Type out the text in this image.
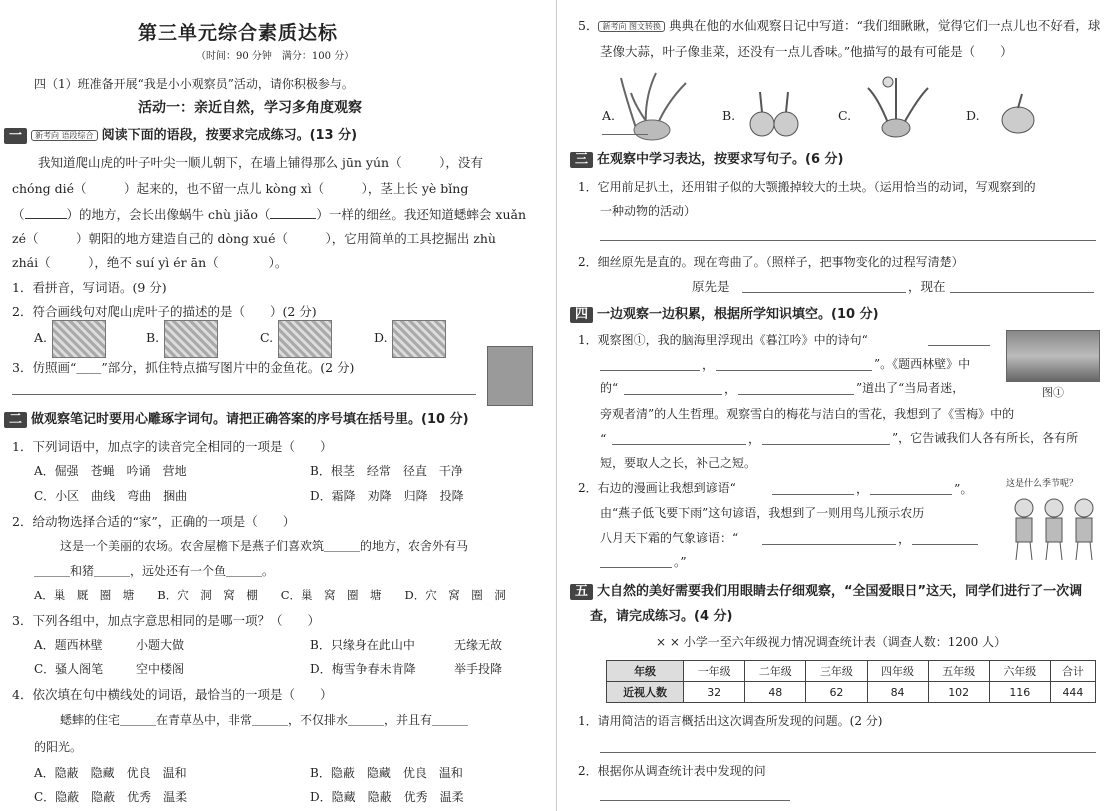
第三单元综合素质达标
（时间：90 分钟　满分：100 分）
四（1）班准备开展“我是小小观察员”活动，请你积极参与。
活动一：亲近自然，学习多角度观察
一 新考向 语段综合 阅读下面的语段，按要求完成练习。(13 分)
我知道爬山虎的叶子叶尖一顺儿朝下，在墙上铺得那么 jūn yún（　　　），没有
chóng dié（　　　）起来的，也不留一点儿 kòng xì（　　　），茎上长 yè bǐng
（	）的地方，会长出像蜗牛 chù jiǎo（	）一样的细丝。我还知道蟋蟀会 xuǎn
zé（　　　）朝阳的地方建造自己的 dòng xué（　　　），它用简单的工具挖掘出 zhù
zhái（　　　），绝不 suí yì ér ān（　　　　）。
1．看拼音，写词语。(9 分)
2．符合画线句对爬山虎叶子的描述的是（　　）(2 分)
A.	B.	C.	D.
3．仿照画“＿＿”部分，抓住特点描写图片中的金鱼花。(2 分)
二 做观察笔记时要用心雕琢字词句。请把正确答案的序号填在括号里。(10 分)
1．下列词语中，加点字的读音完全相同的一项是（　　）
A．倔强　苍蝇　吟诵　营地	B．根茎　经常　径直　干净
C．小区　曲线　弯曲　捆曲	D．霜降　劝降　归降　投降
2．给动物选择合适的“家”，正确的一项是（　　）
这是一个美丽的农场。农舍屋檐下是燕子们喜欢筑＿＿＿的地方，农舍外有马
＿＿＿和猪＿＿＿，远处还有一个鱼＿＿＿。
A．巢　厩　圈　塘　　B．穴　洞　窝　棚　　C．巢　窝　圈　塘　　D．穴　窝　圈　洞
3．下列各组中，加点字意思相同的是哪一项？（　　）
A．题西林壁	小题大做	B．只缘身在此山中	无缘无故
C．骚人阁笔	空中楼阁	D．梅雪争春未肯降	举手投降
4．依次填在句中横线处的词语，最恰当的一项是（　　）
蟋蟀的住宅＿＿＿在青草丛中，非常＿＿＿，不仅排水＿＿＿，并且有＿＿＿
的阳光。
A．隐蔽　隐藏　优良　温和	B．隐蔽　隐藏　优良　温和
C．隐蔽　隐蔽　优秀　温柔	D．隐藏　隐蔽　优秀　温柔
5． 新考向 图文转换 典典在他的水仙观察日记中写道：“我们细瞅瞅，觉得它们一点儿也不好看，球
茎像大蒜，叶子像韭菜，还没有一点儿香味。”他描写的最有可能是（　　）
A.	B.	C.	D.
三 在观察中学习表达，按要求写句子。(6 分)
1．它用前足扒土，还用钳子似的大颚搬掉较大的土块。（运用恰当的动词，写观察到的
一种动物的活动）
2．细丝原先是直的。现在弯曲了。（照样子，把事物变化的过程写清楚）
原先是	，现在
四 一边观察一边积累，根据所学知识填空。(10 分)
1．观察图①，我的脑海里浮现出《暮江吟》中的诗句“
，	”。《题西林壁》中
的“	，	”道出了“当局者迷，	图①
旁观者清”的人生哲理。观察雪白的梅花与洁白的雪花，我想到了《雪梅》中的
“	，	”，它告诫我们人各有所长，各有所
短，要取人之长，补己之短。
2．右边的漫画让我想到谚语“	，	”。
由“燕子低飞要下雨”这句谚语，我想到了一则用鸟儿预示农历
八月天下霜的气象谚语：“	，
。”
这是什么季节呢？
五 大自然的美好需要我们用眼睛去仔细观察，“全国爱眼日”这天，同学们进行了一次调
查，请完成练习。(4 分)
× × 小学一至六年级视力情况调查统计表（调查人数：1200 人）
年级	一年级	二年级	三年级	四年级	五年级	六年级	合计
近视人数	32	48	62	84	102	116	444
1．请用简洁的语言概括出这次调查所发现的问题。(2 分)
2．根据你从调查统计表中发现的问
